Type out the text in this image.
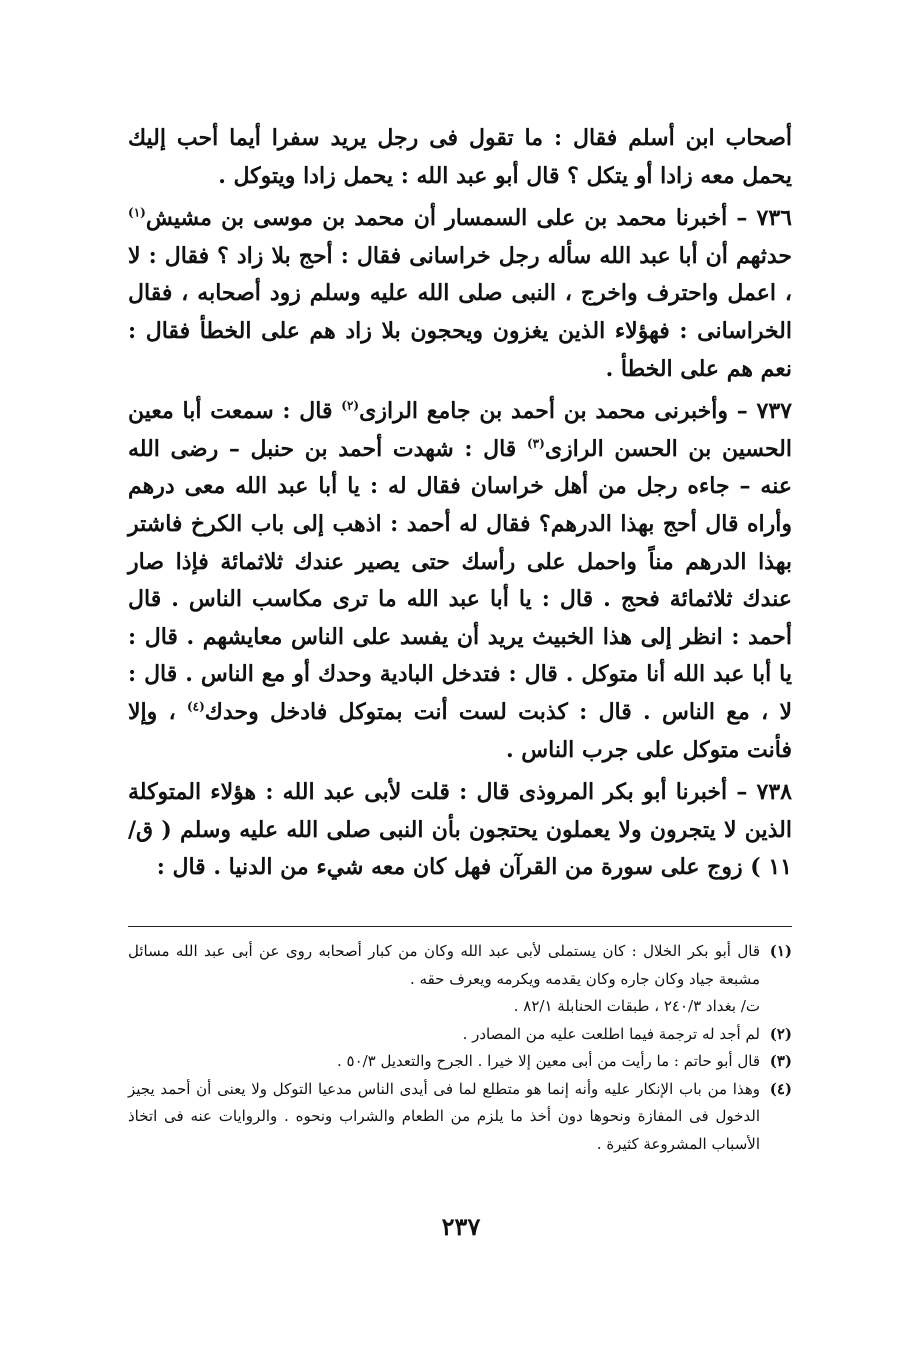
أصحاب ابن أسلم فقال : ما تقول فى رجل يريد سفرا أيما أحب إليك يحمل معه زادا أو يتكل ؟ قال أبو عبد الله : يحمل زادا ويتوكل .

٧٣٦ – أخبرنا محمد بن على السمسار أن محمد بن موسى بن مشيش$^{(١)}$ حدثهم أن أبا عبد الله سأله رجل خراسانى فقال : أحج بلا زاد ؟ فقال : لا ، اعمل واحترف واخرج ، النبى صلى الله عليه وسلم زود أصحابه ، فقال الخراسانى : فهؤلاء الذين يغزون ويحجون بلا زاد هم على الخطأ فقال : نعم هم على الخطأ .

٧٣٧ – وأخبرنى محمد بن أحمد بن جامع الرازى$^{(٢)}$ قال : سمعت أبا معين الحسين بن الحسن الرازى$^{(٣)}$ قال : شهدت أحمد بن حنبل – رضى الله عنه – جاءه رجل من أهل خراسان فقال له : يا أبا عبد الله معى درهم وأراه قال أحج بهذا الدرهم؟ فقال له أحمد : اذهب إلى باب الكرخ فاشتر بهذا الدرهم مناً واحمل على رأسك حتى يصير عندك ثلاثمائة فإذا صار عندك ثلاثمائة فحج . قال : يا أبا عبد الله ما ترى مكاسب الناس . قال أحمد : انظر إلى هذا الخبيث يريد أن يفسد على الناس معايشهم . قال : يا أبا عبد الله أنا متوكل . قال : فتدخل البادية وحدك أو مع الناس . قال : لا ، مع الناس . قال : كذبت لست أنت بمتوكل فادخل وحدك$^{(٤)}$ ، وإلا فأنت متوكل على جرب الناس .

٧٣٨ – أخبرنا أبو بكر المروذى قال : قلت لأبى عبد الله : هؤلاء المتوكلة الذين لا يتجرون ولا يعملون يحتجون بأن النبى صلى الله عليه وسلم ( ق/١١ ) زوج على سورة من القرآن فهل كان معه شيء من الدنيا . قال :

(١)
قال أبو بكر الخلال : كان يستملى لأبى عبد الله وكان من كبار أصحابه روى عن أبى عبد الله مسائل مشبعة جياد وكان جاره وكان يقدمه ويكرمه ويعرف حقه .
ت/ بغداد ٢٤٠/٣ ، طبقات الحنابلة ٨٢/١ .
(٢)
لم أجد له ترجمة فيما اطلعت عليه من المصادر .
(٣)
قال أبو حاتم : ما رأيت من أبى معين إلا خيرا . الجرح والتعديل ٥٠/٣ .
(٤)
وهذا من باب الإنكار عليه وأنه إنما هو متطلع لما فى أيدى الناس مدعيا التوكل ولا يعنى أن أحمد يجيز الدخول فى المفازة ونحوها دون أخذ ما يلزم من الطعام والشراب ونحوه . والروايات عنه فى اتخاذ الأسباب المشروعة كثيرة .
٢٣٧
